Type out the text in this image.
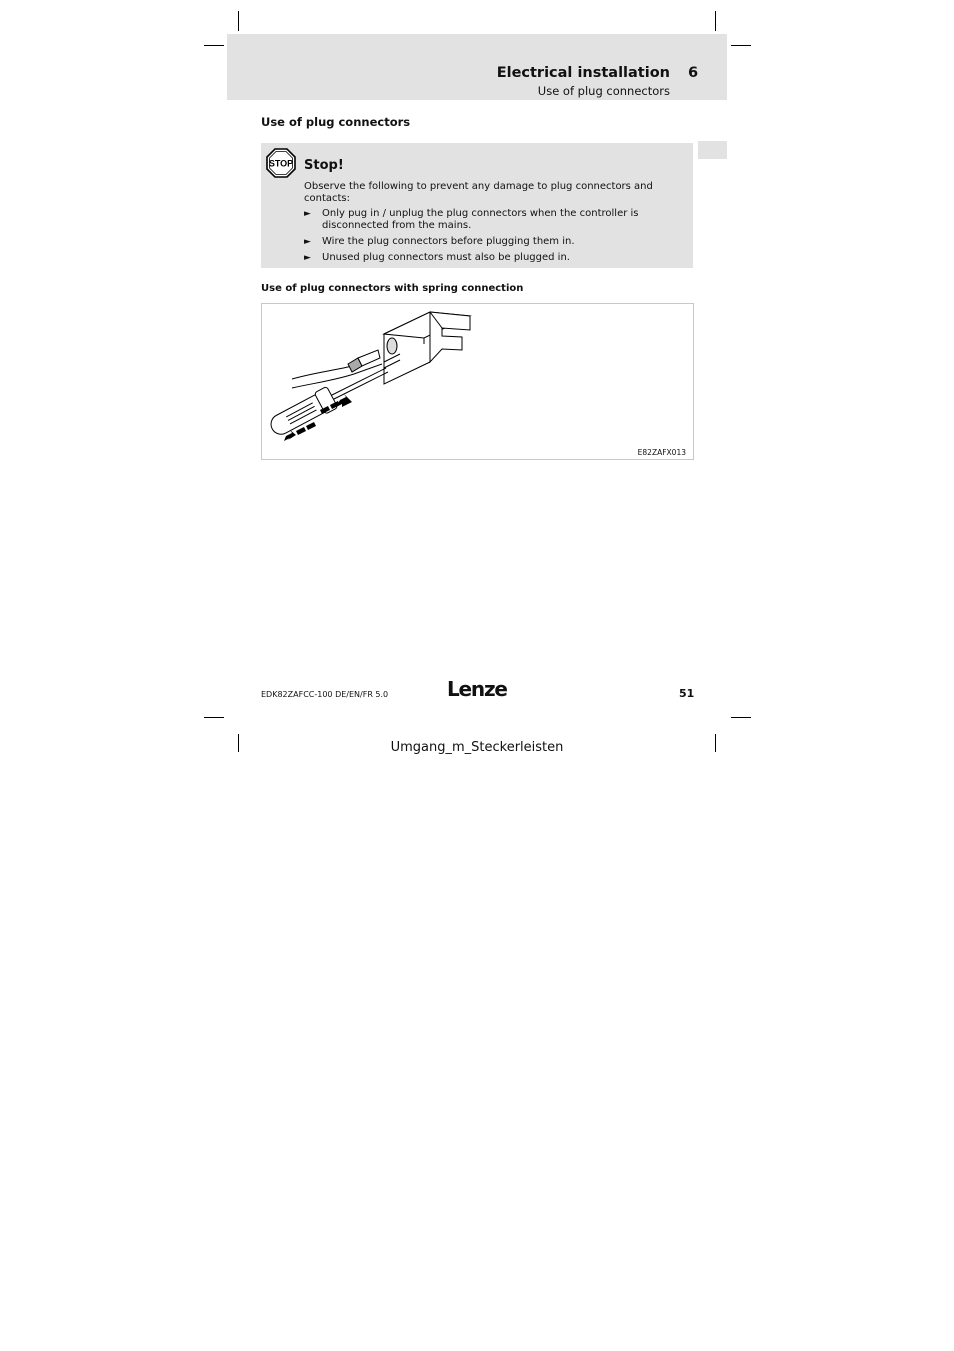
Electrical installation 6
Use of plug connectors
Use of plug connectors
STOP Stop!
Observe the following to prevent any damage to plug connectors and contacts:
► Only pug in / unplug the plug connectors when the controller is disconnected from the mains.
► Wire the plug connectors before plugging them in.
► Unused plug connectors must also be plugged in.
Use of plug connectors with spring connection
E82ZAFX013
EDK82ZAFCC-100 DE/EN/FR 5.0	Lenze	51
Umgang_m_Steckerleisten
